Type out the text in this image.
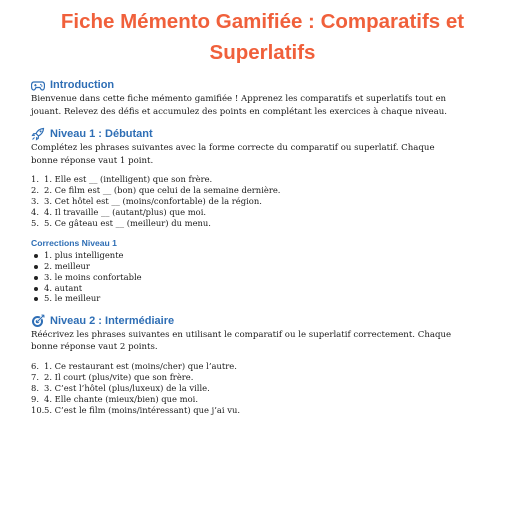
Fiche Mémento Gamifiée : Comparatifs et
Superlatifs
Introduction

Bienvenue dans cette fiche mémento gamifiée ! Apprenez les comparatifs et superlatifs tout en jouant. Relevez des défis et accumulez des points en complétant les exercices à chaque niveau.

Niveau 1 : Débutant

Complétez les phrases suivantes avec la forme correcte du comparatif ou superlatif. Chaque bonne réponse vaut 1 point.

1. 1. Elle est __ (intelligent) que son frère.
2. 2. Ce film est __ (bon) que celui de la semaine dernière.
3. 3. Cet hôtel est __ (moins/confortable) de la région.
4. 4. Il travaille __ (autant/plus) que moi.
5. 5. Ce gâteau est __ (meilleur) du menu.
Corrections Niveau 1
1. plus intelligente
2. meilleur
3. le moins confortable
4. autant
5. le meilleur
Niveau 2 : Intermédiaire

Réécrivez les phrases suivantes en utilisant le comparatif ou le superlatif correctement. Chaque bonne réponse vaut 2 points.

6. 1. Ce restaurant est (moins/cher) que l’autre.
7. 2. Il court (plus/vite) que son frère.
8. 3. C’est l’hôtel (plus/luxeux) de la ville.
9. 4. Elle chante (mieux/bien) que moi.
10. 5. C’est le film (moins/intéressant) que j’ai vu.
